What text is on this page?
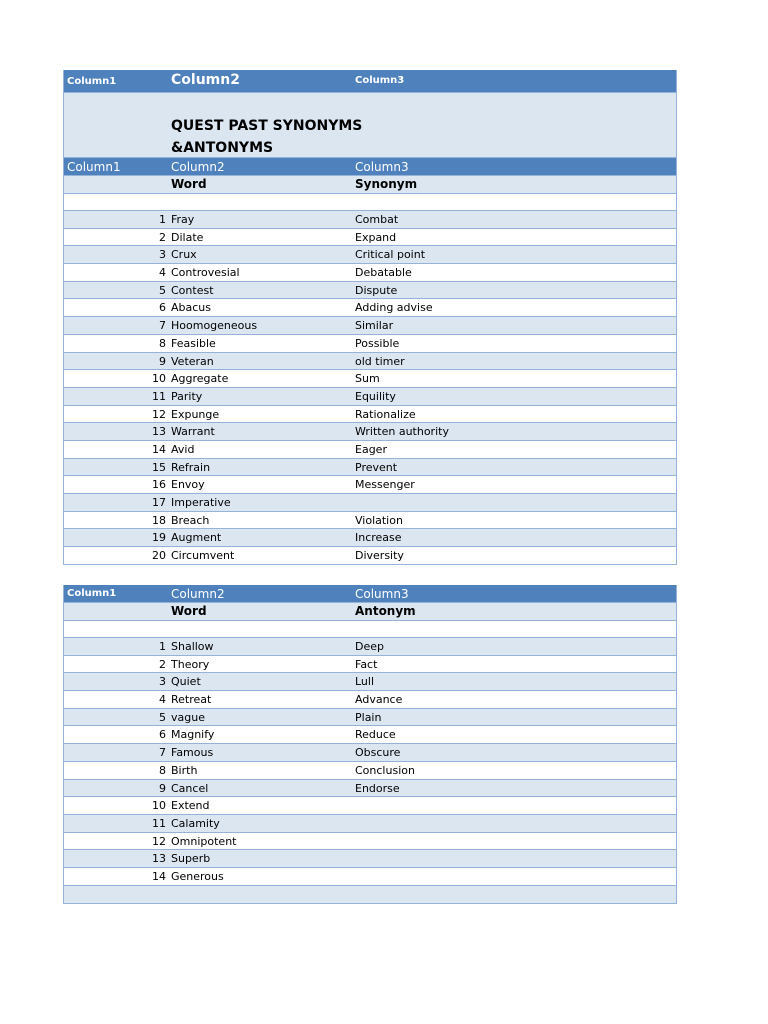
Column1	Column2	Column3
QUEST PAST SYNONYMS &ANTONYMS
Column1	Column2	Column3
Word	Synonym
1 Fray	Combat
2 Dilate	Expand
3 Crux	Critical point
4 Controvesial	Debatable
5 Contest	Dispute
6 Abacus	Adding advise
7 Hoomogeneous	Similar
8 Feasible	Possible
9 Veteran	old timer
10 Aggregate	Sum
11 Parity	Equility
12 Expunge	Rationalize
13 Warrant	Written authority
14 Avid	Eager
15 Refrain	Prevent
16 Envoy	Messenger
17 Imperative
18 Breach	Violation
19 Augment	Increase
20 Circumvent	Diversity
Column1	Column2	Column3
Word	Antonym
1 Shallow	Deep
2 Theory	Fact
3 Quiet	Lull
4 Retreat	Advance
5 vague	Plain
6 Magnify	Reduce
7 Famous	Obscure
8 Birth	Conclusion
9 Cancel	Endorse
10 Extend
11 Calamity
12 Omnipotent
13 Superb
14 Generous
